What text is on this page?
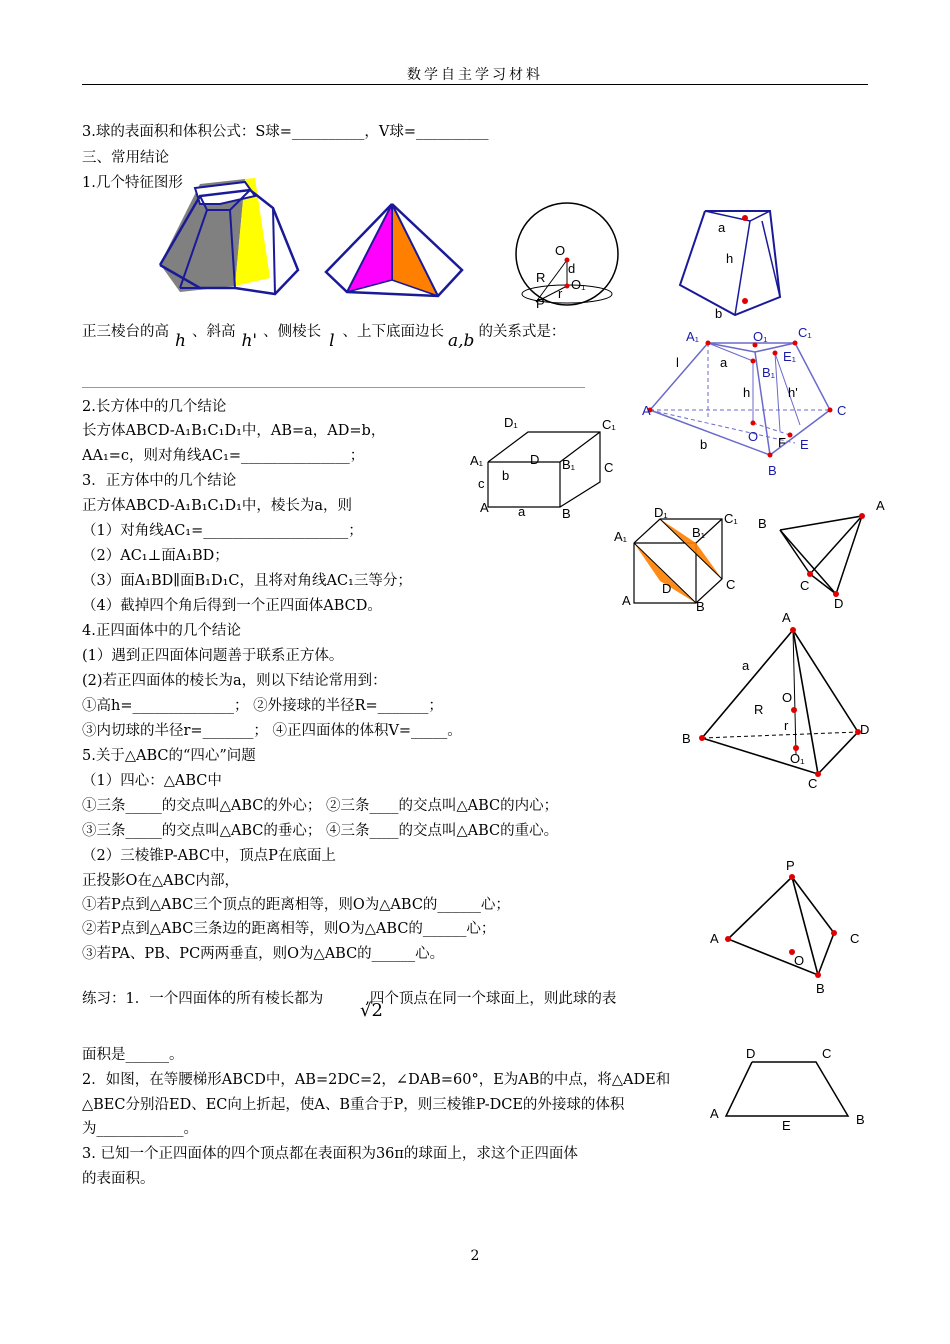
数学自主学习材料
3.球的表面积和体积公式：S球=__________，V球=__________
三、常用结论
1.几个特征图形
O
d
O₁
R
r
P
a
h
b
正三棱台的高 h 、斜高 h' 、侧棱长 l 、上下底面边长 a,b 的关系式是：	A₁	O₁ C₁
E₁
B₁
l	a
h	h'
A	C
O F E
b
B
2.长方体中的几个结论
长方体ABCD-A₁B₁C₁D₁中，AB=a，AD=b，
AA₁=c，则对角线AC₁=_______________；
3．正方体中的几个结论
正方体ABCD-A₁B₁C₁D₁中，棱长为a，则
（1）对角线AC₁=____________________；
（2）AC₁⊥面A₁BD；
（3）面A₁BD∥面B₁D₁C，且将对角线AC₁三等分；
（4）截掉四个角后得到一个正四面体ABCD。
4.正四面体中的几个结论
(1）遇到正四面体问题善于联系正方体。
(2)若正四面体的棱长为a，则以下结论常用到：
①高h=______________； ②外接球的半径R=_______；
③内切球的半径r=_______； ④正四面体的体积V=_____。
5.关于△ABC的“四心”问题
（1）四心：△ABC中
①三条_____的交点叫△ABC的外心； ②三条____的交点叫△ABC的内心；
③三条_____的交点叫△ABC的垂心； ④三条____的交点叫△ABC的重心。
（2）三棱锥P-ABC中，顶点P在底面上
正投影O在△ABC内部，
①若P点到△ABC三个顶点的距离相等，则O为△ABC的______心；
②若P点到△ABC三条边的距离相等，则O为△ABC的______心；
③若PA、PB、PC两两垂直，则O为△ABC的______心。
练习：1．一个四面体的所有棱长都为	,四个顶点在同一个球面上，则此球的表
√2
面积是______。
2．如图，在等腰梯形ABCD中，AB=2DC=2，∠DAB=60°，E为AB的中点，将△ADE和
△BEC分别沿ED、EC向上折起，使A、B重合于P，则三棱锥P-DCE的外接球的体积
为____________。
3. 已知一个正四面体的四个顶点都在表面积为36π的球面上，求这个正四面体
的表面积。
D₁	C₁
A₁	B₁
D
C
b
c
A a	B	D₁	C₁
A₁	B₁
C
D
A	B
A
B
C
D
A
a
O
R
r
B
D
O₁
C
P
A	C
O
B
D	C
A
E	B
2
